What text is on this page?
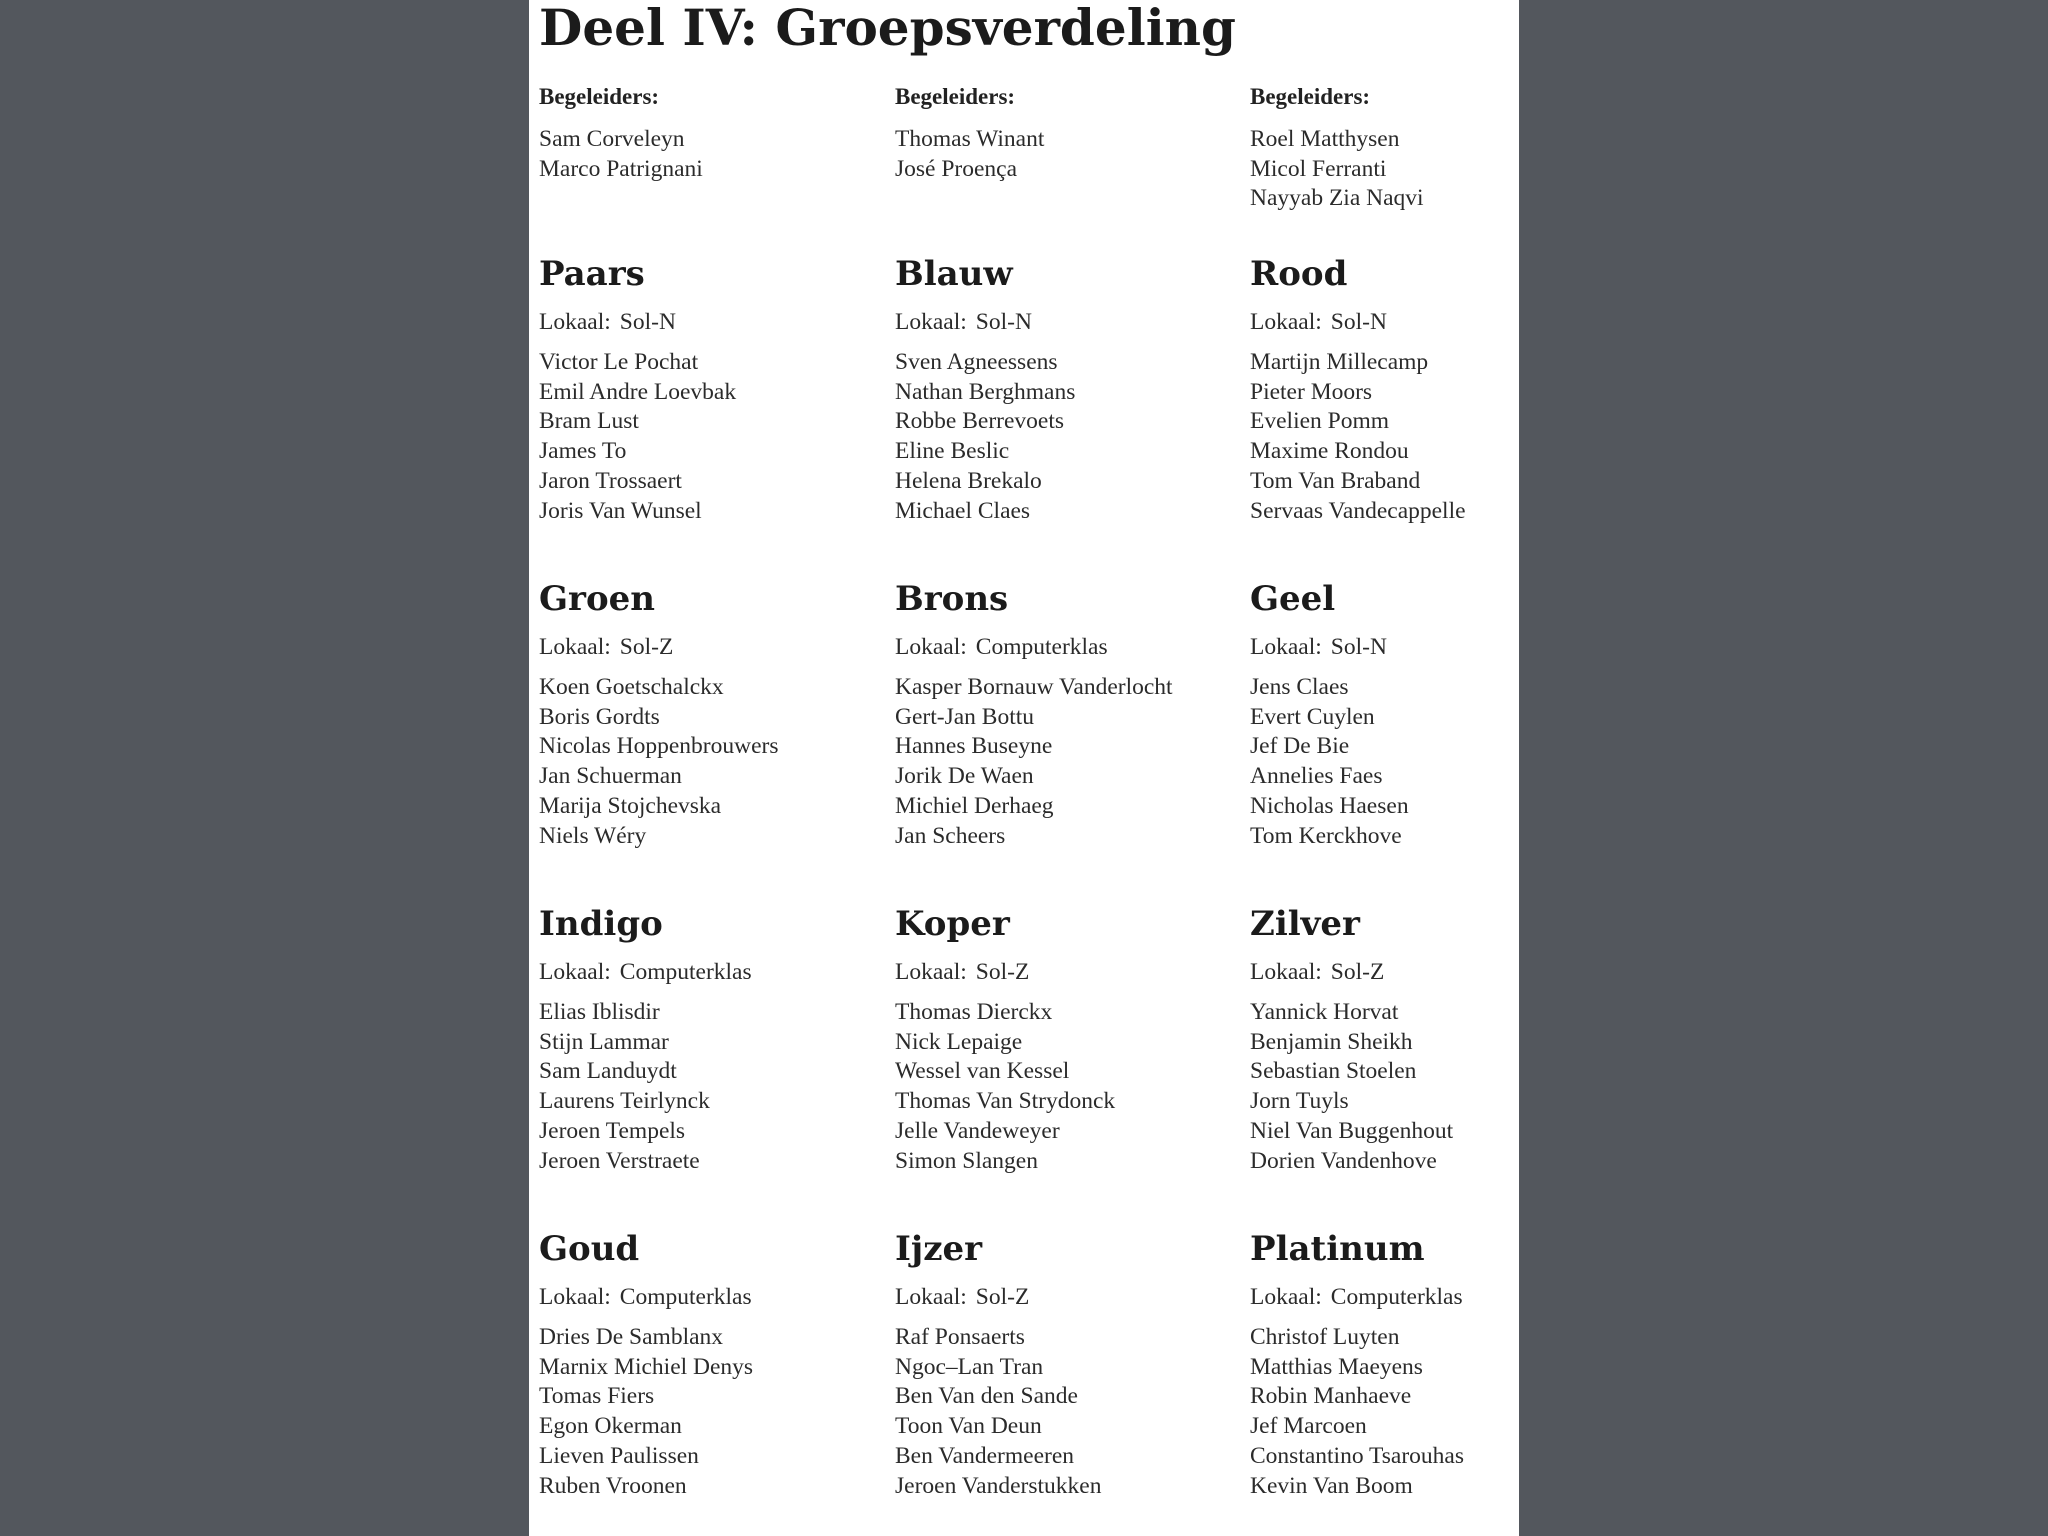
Deel IV: Groepsverdeling
Begeleiders:
Sam Corveleyn
Marco Patrignani
Paars
Lokaal: Sol-N
Victor Le Pochat
Emil Andre Loevbak
Bram Lust
James To
Jaron Trossaert
Joris Van Wunsel
Groen
Lokaal: Sol-Z
Koen Goetschalckx
Boris Gordts
Nicolas Hoppenbrouwers
Jan Schuerman
Marija Stojchevska
Niels Wéry
Indigo
Lokaal: Computerklas
Elias Iblisdir
Stijn Lammar
Sam Landuydt
Laurens Teirlynck
Jeroen Tempels
Jeroen Verstraete
Goud
Lokaal: Computerklas
Dries De Samblanx
Marnix Michiel Denys
Tomas Fiers
Egon Okerman
Lieven Paulissen
Ruben Vroonen
Begeleiders:
Thomas Winant
José Proença
Blauw
Lokaal: Sol-N
Sven Agneessens
Nathan Berghmans
Robbe Berrevoets
Eline Beslic
Helena Brekalo
Michael Claes
Brons
Lokaal: Computerklas
Kasper Bornauw Vanderlocht
Gert-Jan Bottu
Hannes Buseyne
Jorik De Waen
Michiel Derhaeg
Jan Scheers
Koper
Lokaal: Sol-Z
Thomas Dierckx
Nick Lepaige
Wessel van Kessel
Thomas Van Strydonck
Jelle Vandeweyer
Simon Slangen
Ijzer
Lokaal: Sol-Z
Raf Ponsaerts
Ngoc–Lan Tran
Ben Van den Sande
Toon Van Deun
Ben Vandermeeren
Jeroen Vanderstukken
Begeleiders:
Roel Matthysen
Micol Ferranti
Nayyab Zia Naqvi
Rood
Lokaal: Sol-N
Martijn Millecamp
Pieter Moors
Evelien Pomm
Maxime Rondou
Tom Van Braband
Servaas Vandecappelle
Geel
Lokaal: Sol-N
Jens Claes
Evert Cuylen
Jef De Bie
Annelies Faes
Nicholas Haesen
Tom Kerckhove
Zilver
Lokaal: Sol-Z
Yannick Horvat
Benjamin Sheikh
Sebastian Stoelen
Jorn Tuyls
Niel Van Buggenhout
Dorien Vandenhove
Platinum
Lokaal: Computerklas
Christof Luyten
Matthias Maeyens
Robin Manhaeve
Jef Marcoen
Constantino Tsarouhas
Kevin Van Boom
